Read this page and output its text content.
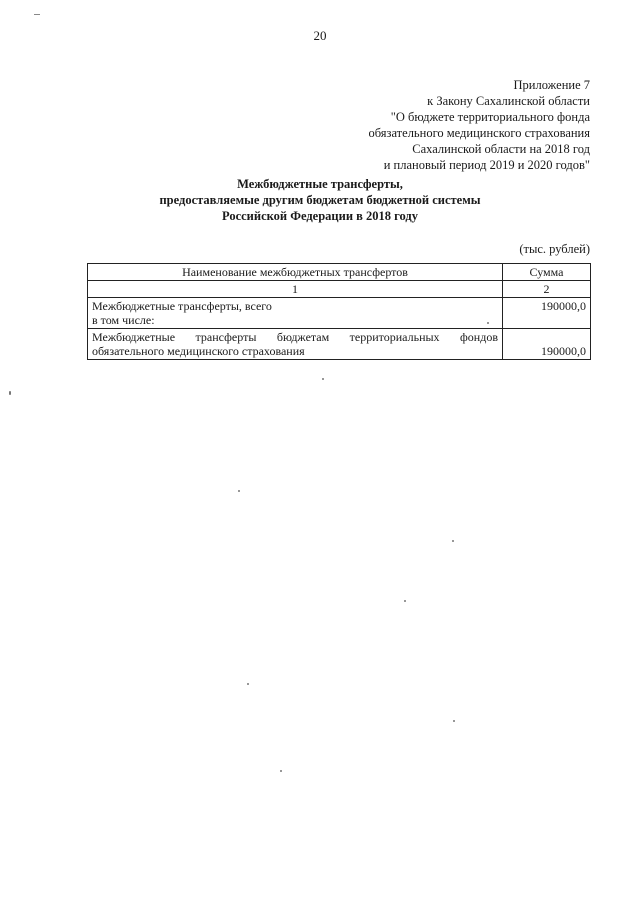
20
Приложение 7
к Закону Сахалинской области
"О бюджете территориального фонда
обязательного медицинского страхования
Сахалинской области на 2018 год
и плановый период 2019 и 2020 годов"
Межбюджетные трансферты,
предоставляемые другим бюджетам бюджетной системы
Российской Федерации в 2018 году
(тыс. рублей)
Наименование межбюджетных трансфертов	Сумма
1	2

Межбюджетные трансферты, всего
в том числе:	190000,0

Межбюджетные трансферты бюджетам территориальных фондов
обязательного медицинского страхования	190000,0
